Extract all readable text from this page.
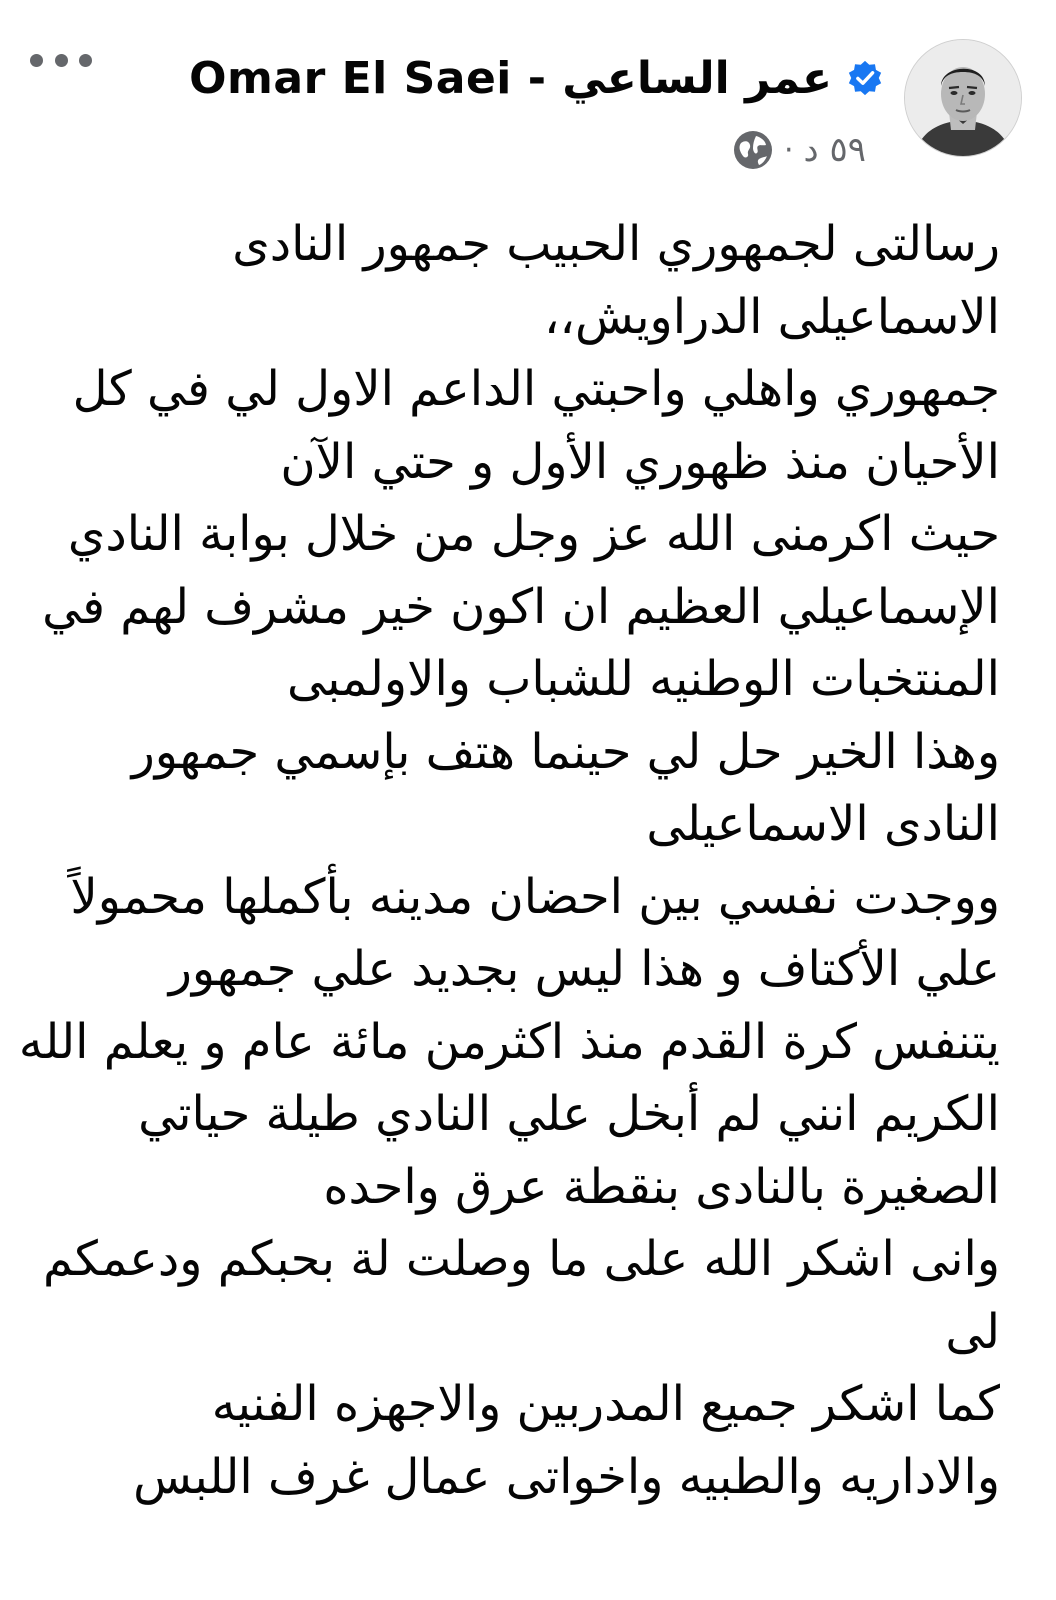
Omar El Saei - عمر الساعي
· ٥٩ د
رسالتى لجمهوري الحبيب جمهور النادى
الاسماعيلى الدراويش،،
جمهوري واهلي واحبتي الداعم الاول لي في كل
الأحيان منذ ظهوري الأول و حتي الآن
حيث اكرمنى الله عز وجل من خلال بوابة النادي
الإسماعيلي العظيم ان اكون خير مشرف لهم في
المنتخبات الوطنيه للشباب والاولمبى
وهذا الخير حل لي حينما هتف بإسمي جمهور
النادى الاسماعيلى
ووجدت نفسي بين احضان مدينه بأكملها محمولاً
علي الأكتاف و هذا ليس بجديد علي جمهور
يتنفس كرة القدم منذ اكثرمن مائة عام و يعلم الله
الكريم انني لم أبخل علي النادي طيلة حياتي
الصغيرة بالنادى بنقطة عرق واحده
وانى اشكر الله على ما وصلت لة بحبكم ودعمكم
لى
كما اشكر جميع المدربين والاجهزه الفنيه
والاداريه والطبيه واخواتى عمال غرف اللبس
